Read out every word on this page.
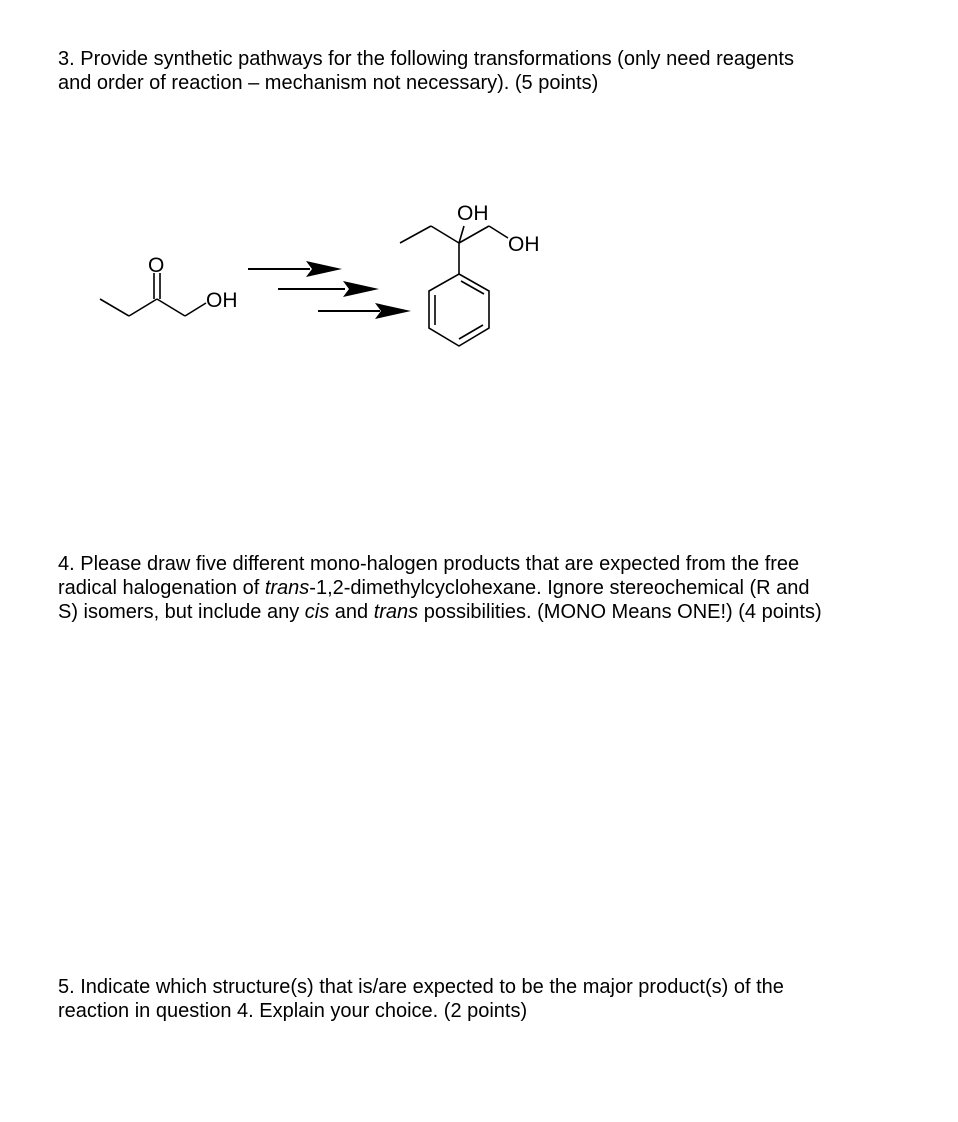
3. Provide synthetic pathways for the following transformations (only need reagents
and order of reaction – mechanism not necessary). (5 points)

O
OH
OH
OH

4. Please draw five different mono-halogen products that are expected from the free
radical halogenation of trans-1,2-dimethylcyclohexane. Ignore stereochemical (R and
S) isomers, but include any cis and trans possibilities. (MONO Means ONE!) (4 points)

5. Indicate which structure(s) that is/are expected to be the major product(s) of the
reaction in question 4. Explain your choice. (2 points)
